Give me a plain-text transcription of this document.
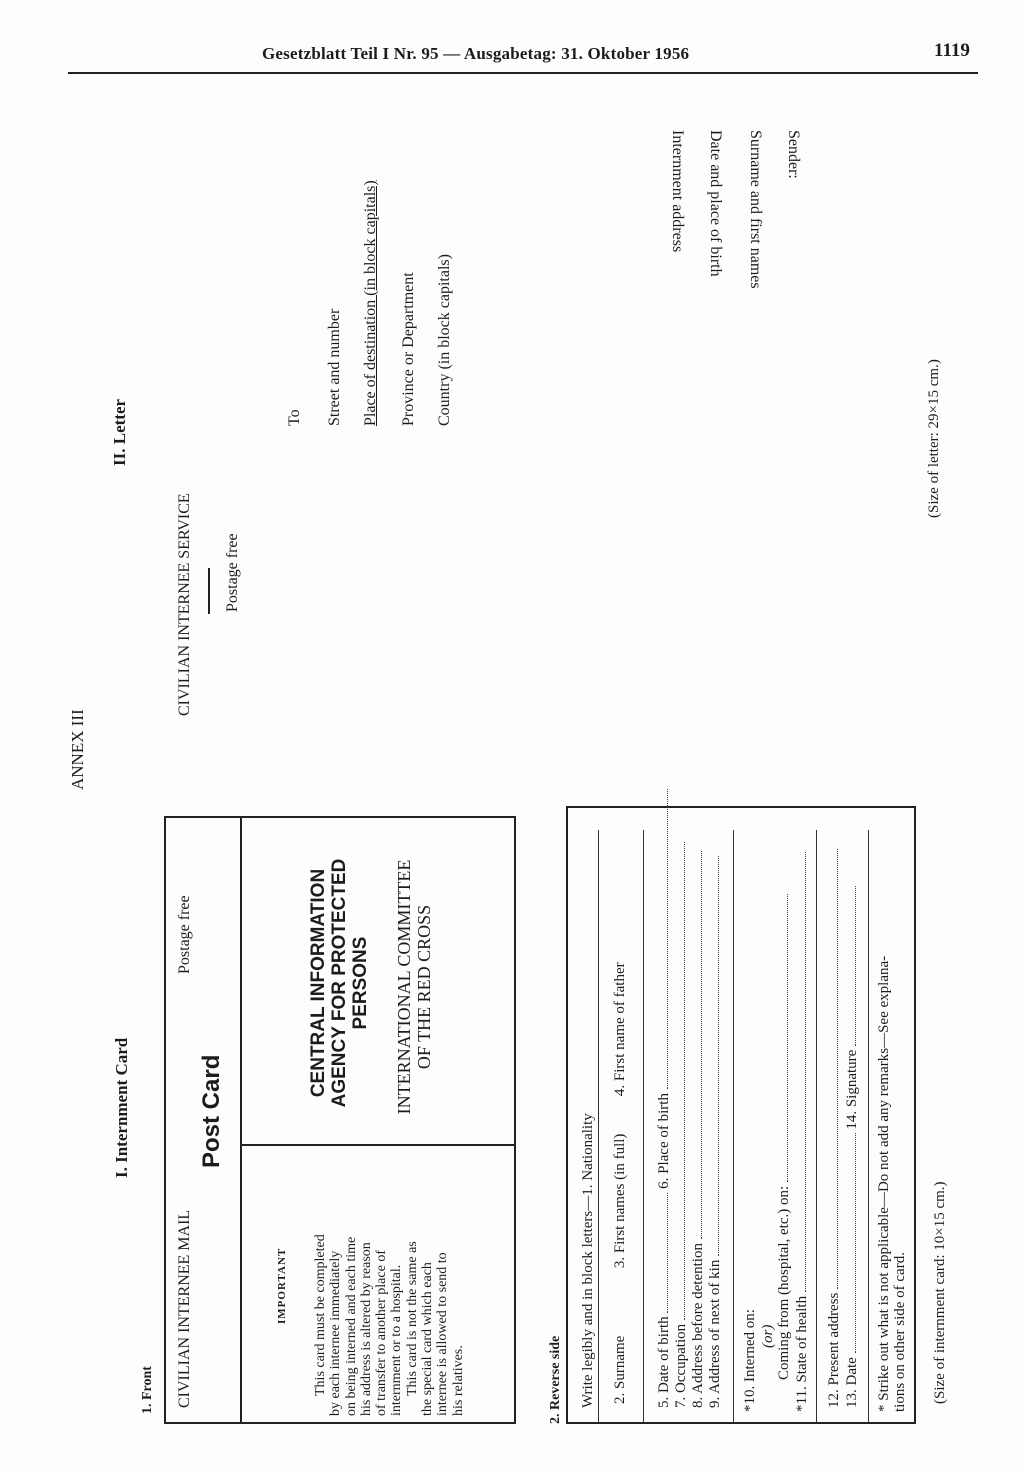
Gesetzblatt Teil I Nr. 95 — Ausgabetag: 31. Oktober 1956	1119
ANNEX III
I. Internment Card
1. Front CIVILIAN INTERNEE MAIL
Postage free
Post Card
IMPORTANT This card must be completed by each internee immediately on being interned and each time his address is altered by reason of transfer to another place of internment or to a hospital. This card is not the same as the special card which each internee is allowed to send to his relatives.
CENTRAL INFORMATION AGENCY FOR PROTECTED PERSONS INTERNATIONAL COMMITTEE OF THE RED CROSS
2. Reverse side Write legibly and in block letters—1. Nationality 2. Surname  3. First names (in full)  4. First name of father
5. Date of birth  6. Place of birth
7. Occupation 8. Address before detention 9. Address of next of kin *10. Interned on: (or) Coming from (hospital, etc.) on: *11. State of health 12. Present address 13. Date  14. Signature * Strike out what is not applicable—Do not add any remarks—See explana- tions on other side of card. (Size of internment card: 10×15 cm.)
II. Letter
CIVILIAN INTERNEE SERVICE Postage free
To Street and number Place of destination (in block capitals) Province or Department Country (in block capitals)
Sender:
Surname and first names
Date and place of birth
Internment address
(Size of letter: 29×15 cm.)
